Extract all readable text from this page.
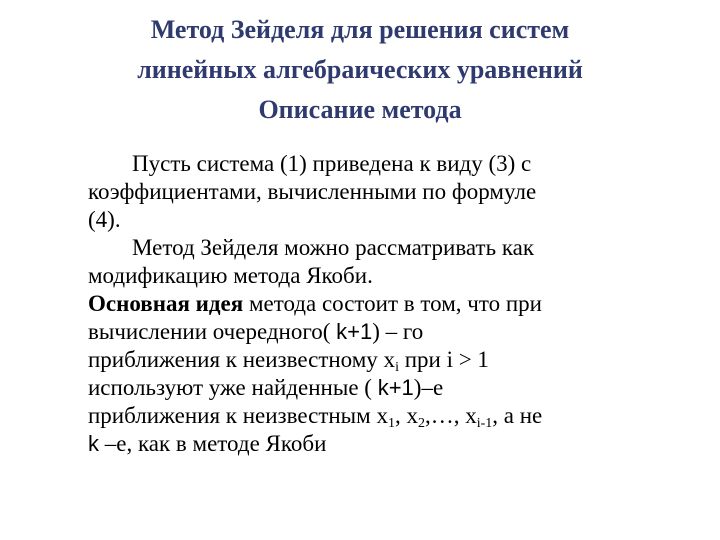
Метод Зейделя для решения систем
линейных алгебраических уравнений
Описание метода
Пусть система (1) приведена к виду (3) с
коэффициентами, вычисленными по формуле
(4).
Метод Зейделя можно рассматривать как
модификацию метода Якоби.
Основная идея метода состоит в том, что при
вычислении очередного( k+1) – го
приближения к неизвестному $x_i$ при i > 1
используют уже найденные ( k+1)–е
приближения к неизвестным $x_1$, $x_2,\dots$, $x_{i-1}$, а не
k –е, как в методе Якоби
